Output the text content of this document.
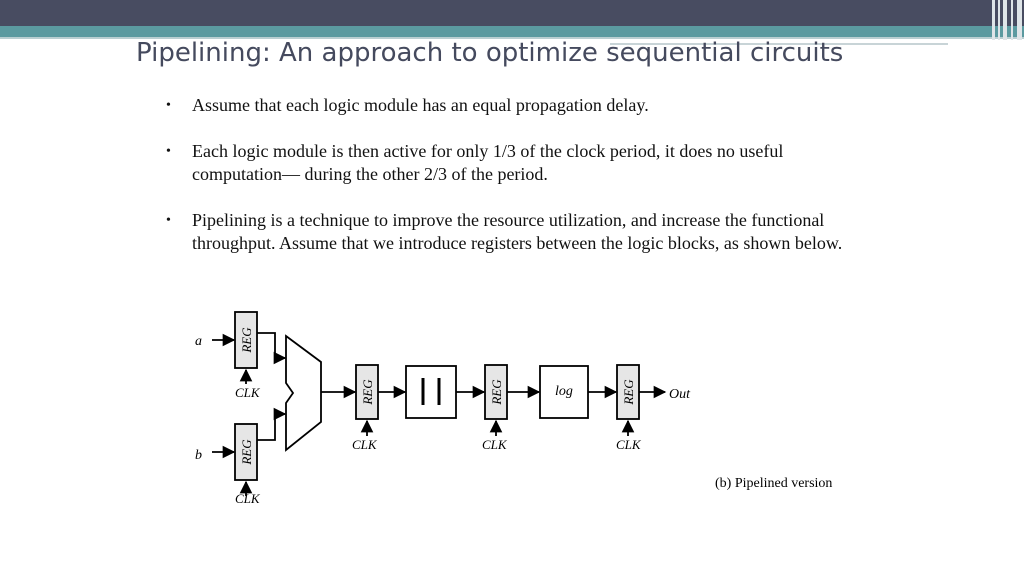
Pipelining: An approach to optimize sequential circuits
• Assume that each logic module has an equal propagation delay.
• Each logic module is then active for only 1/3 of the clock period, it does no useful computation— during the other 2/3 of the period.
• Pipelining is a technique to improve the resource utilization, and increase the functional throughput. Assume that we introduce registers between the logic blocks, as shown below.
a	REG
CLK
b	REG
CLK
REG
CLK
| |
REG
CLK
log	REG
CLK
Out
(b) Pipelined version
